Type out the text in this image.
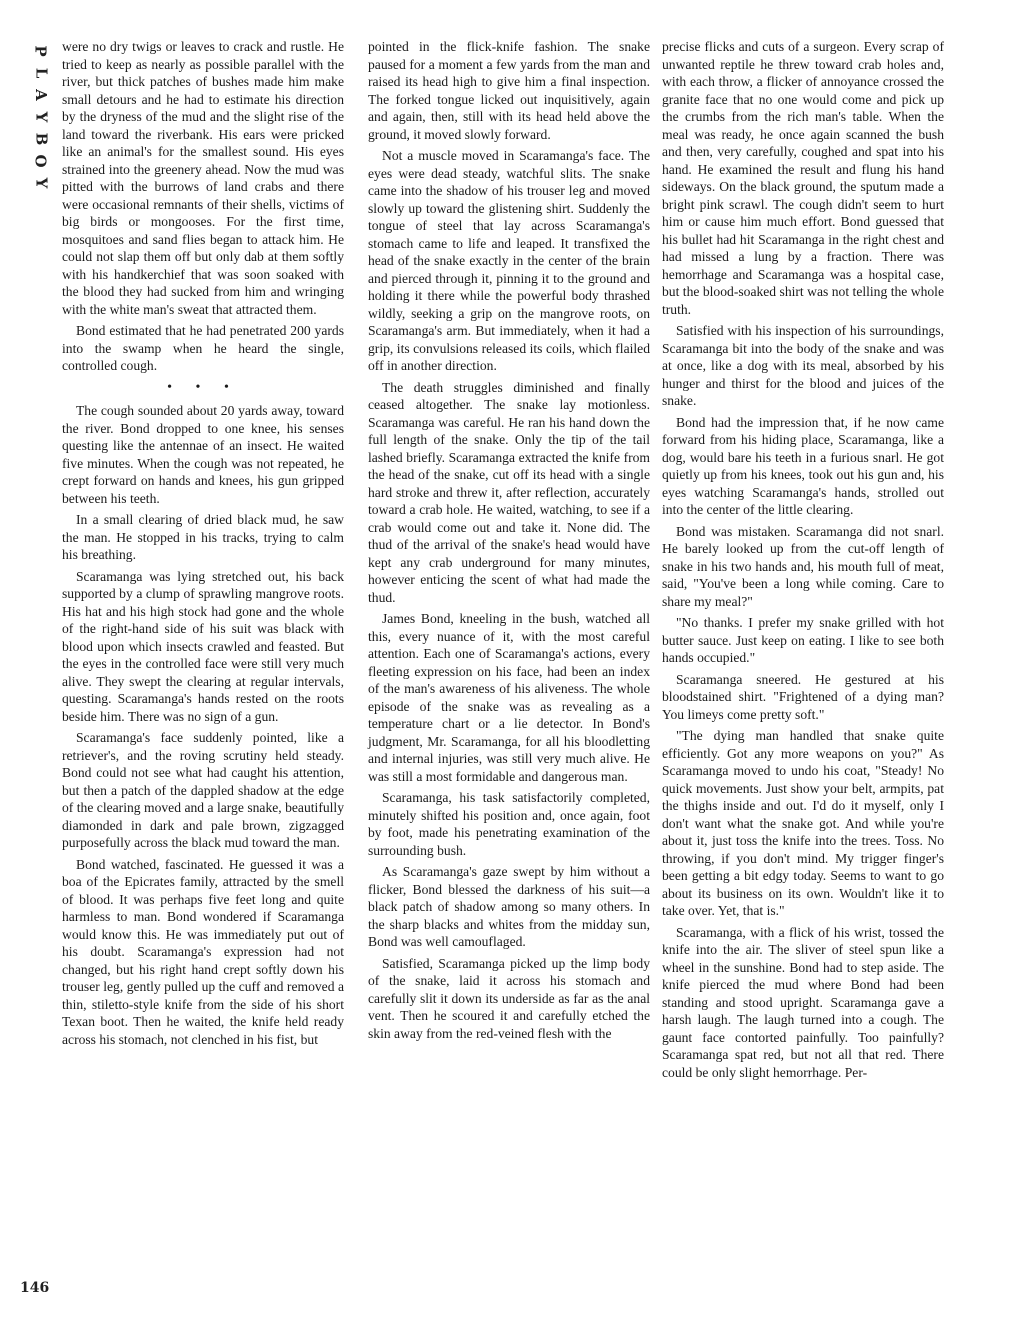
P
L
A
Y
B
O
Y
146

were no dry twigs or leaves to crack and rustle. He tried to keep as nearly as possible parallel with the river, but thick patches of bushes made him make small detours and he had to estimate his direction by the dryness of the mud and the slight rise of the land toward the riverbank. His ears were pricked like an animal's for the smallest sound. His eyes strained into the greenery ahead. Now the mud was pitted with the burrows of land crabs and there were occasional remnants of their shells, victims of big birds or mongooses. For the first time, mosquitoes and sand flies began to attack him. He could not slap them off but only dab at them softly with his handkerchief that was soon soaked with the blood they had sucked from him and wringing with the white man's sweat that attracted them.

Bond estimated that he had penetrated 200 yards into the swamp when he heard the single, controlled cough.

• • •

The cough sounded about 20 yards away, toward the river. Bond dropped to one knee, his senses questing like the antennae of an insect. He waited five minutes. When the cough was not repeated, he crept forward on hands and knees, his gun gripped between his teeth.

In a small clearing of dried black mud, he saw the man. He stopped in his tracks, trying to calm his breathing.

Scaramanga was lying stretched out, his back supported by a clump of sprawling mangrove roots. His hat and his high stock had gone and the whole of the right-hand side of his suit was black with blood upon which insects crawled and feasted. But the eyes in the controlled face were still very much alive. They swept the clearing at regular intervals, questing. Scaramanga's hands rested on the roots beside him. There was no sign of a gun.

Scaramanga's face suddenly pointed, like a retriever's, and the roving scrutiny held steady. Bond could not see what had caught his attention, but then a patch of the dappled shadow at the edge of the clearing moved and a large snake, beautifully diamonded in dark and pale brown, zigzagged purposefully across the black mud toward the man.

Bond watched, fascinated. He guessed it was a boa of the Epicrates family, attracted by the smell of blood. It was perhaps five feet long and quite harmless to man. Bond wondered if Scaramanga would know this. He was immediately put out of his doubt. Scaramanga's expression had not changed, but his right hand crept softly down his trouser leg, gently pulled up the cuff and removed a thin, stiletto-style knife from the side of his short Texan boot. Then he waited, the knife held ready across his stomach, not clenched in his fist, but

pointed in the flick-knife fashion. The snake paused for a moment a few yards from the man and raised its head high to give him a final inspection. The forked tongue licked out inquisitively, again and again, then, still with its head held above the ground, it moved slowly forward.

Not a muscle moved in Scaramanga's face. The eyes were dead steady, watchful slits. The snake came into the shadow of his trouser leg and moved slowly up toward the glistening shirt. Suddenly the tongue of steel that lay across Scaramanga's stomach came to life and leaped. It transfixed the head of the snake exactly in the center of the brain and pierced through it, pinning it to the ground and holding it there while the powerful body thrashed wildly, seeking a grip on the mangrove roots, on Scaramanga's arm. But immediately, when it had a grip, its convulsions released its coils, which flailed off in another direction.

The death struggles diminished and finally ceased altogether. The snake lay motionless. Scaramanga was careful. He ran his hand down the full length of the snake. Only the tip of the tail lashed briefly. Scaramanga extracted the knife from the head of the snake, cut off its head with a single hard stroke and threw it, after reflection, accurately toward a crab hole. He waited, watching, to see if a crab would come out and take it. None did. The thud of the arrival of the snake's head would have kept any crab underground for many minutes, however enticing the scent of what had made the thud.

James Bond, kneeling in the bush, watched all this, every nuance of it, with the most careful attention. Each one of Scaramanga's actions, every fleeting expression on his face, had been an index of the man's awareness of his aliveness. The whole episode of the snake was as revealing as a temperature chart or a lie detector. In Bond's judgment, Mr. Scaramanga, for all his bloodletting and internal injuries, was still very much alive. He was still a most formidable and dangerous man.

Scaramanga, his task satisfactorily completed, minutely shifted his position and, once again, foot by foot, made his penetrating examination of the surrounding bush.

As Scaramanga's gaze swept by him without a flicker, Bond blessed the darkness of his suit—a black patch of shadow among so many others. In the sharp blacks and whites from the midday sun, Bond was well camouflaged.

Satisfied, Scaramanga picked up the limp body of the snake, laid it across his stomach and carefully slit it down its underside as far as the anal vent. Then he scoured it and carefully etched the skin away from the red-veined flesh with the

precise flicks and cuts of a surgeon. Every scrap of unwanted reptile he threw toward crab holes and, with each throw, a flicker of annoyance crossed the granite face that no one would come and pick up the crumbs from the rich man's table. When the meal was ready, he once again scanned the bush and then, very carefully, coughed and spat into his hand. He examined the result and flung his hand sideways. On the black ground, the sputum made a bright pink scrawl. The cough didn't seem to hurt him or cause him much effort. Bond guessed that his bullet had hit Scaramanga in the right chest and had missed a lung by a fraction. There was hemorrhage and Scaramanga was a hospital case, but the blood-soaked shirt was not telling the whole truth.

Satisfied with his inspection of his surroundings, Scaramanga bit into the body of the snake and was at once, like a dog with its meal, absorbed by his hunger and thirst for the blood and juices of the snake.

Bond had the impression that, if he now came forward from his hiding place, Scaramanga, like a dog, would bare his teeth in a furious snarl. He got quietly up from his knees, took out his gun and, his eyes watching Scaramanga's hands, strolled out into the center of the little clearing.

Bond was mistaken. Scaramanga did not snarl. He barely looked up from the cut-off length of snake in his two hands and, his mouth full of meat, said, "You've been a long while coming. Care to share my meal?"

"No thanks. I prefer my snake grilled with hot butter sauce. Just keep on eating. I like to see both hands occupied."

Scaramanga sneered. He gestured at his bloodstained shirt. "Frightened of a dying man? You limeys come pretty soft."

"The dying man handled that snake quite efficiently. Got any more weapons on you?" As Scaramanga moved to undo his coat, "Steady! No quick movements. Just show your belt, armpits, pat the thighs inside and out. I'd do it myself, only I don't want what the snake got. And while you're about it, just toss the knife into the trees. Toss. No throwing, if you don't mind. My trigger finger's been getting a bit edgy today. Seems to want to go about its business on its own. Wouldn't like it to take over. Yet, that is."

Scaramanga, with a flick of his wrist, tossed the knife into the air. The sliver of steel spun like a wheel in the sunshine. Bond had to step aside. The knife pierced the mud where Bond had been standing and stood upright. Scaramanga gave a harsh laugh. The laugh turned into a cough. The gaunt face contorted painfully. Too painfully? Scaramanga spat red, but not all that red. There could be only slight hemorrhage. Per-
